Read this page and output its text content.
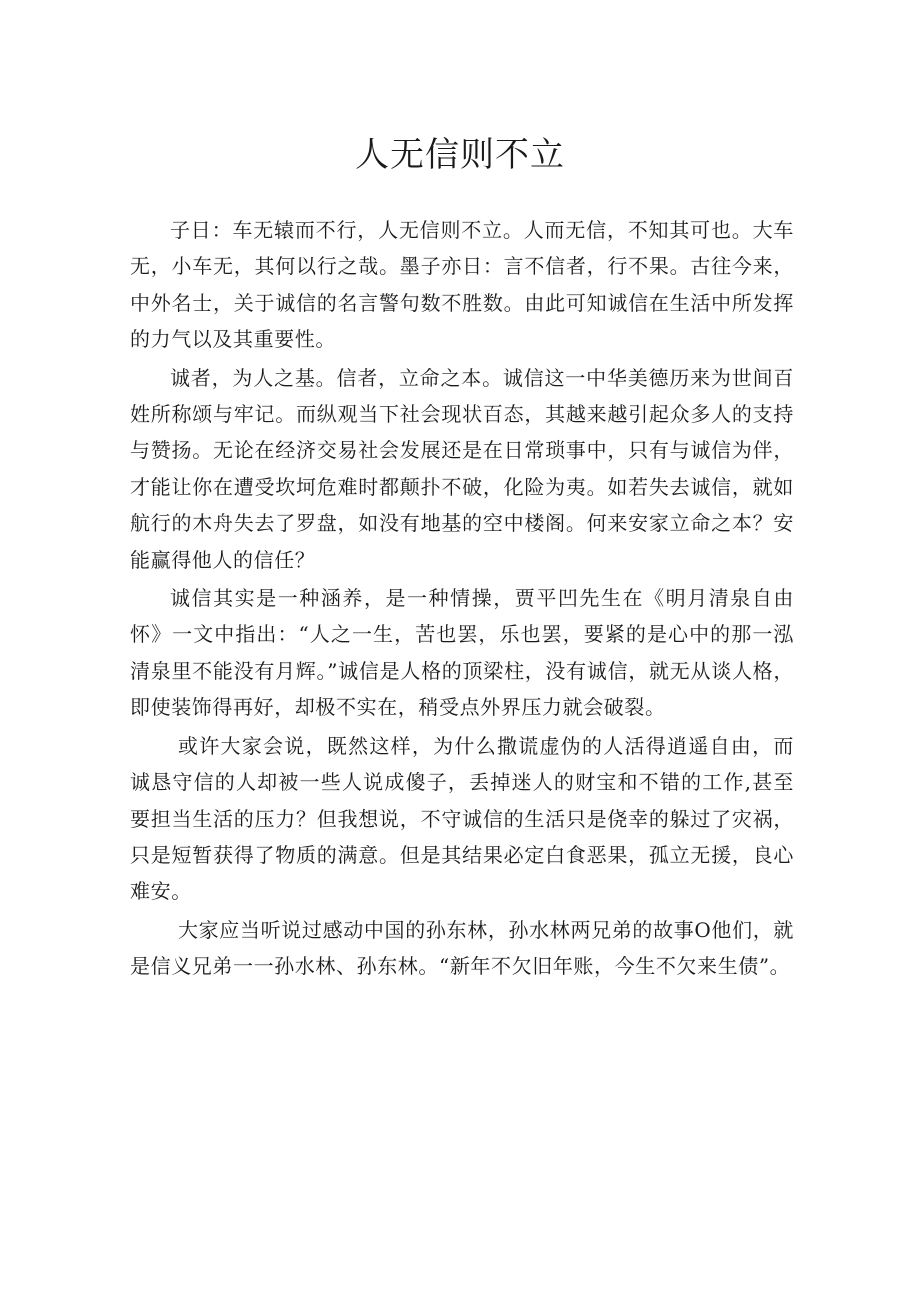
人无信则不立

子日：车无辕而不行，人无信则不立。人而无信，不知其可也。大车无，小车无，其何以行之哉。墨子亦日：言不信者，行不果。古往今来，中外名士，关于诚信的名言警句数不胜数。由此可知诚信在生活中所发挥的力气以及其重要性。

诚者，为人之基。信者，立命之本。诚信这一中华美德历来为世间百姓所称颂与牢记。而纵观当下社会现状百态，其越来越引起众多人的支持与赞扬。无论在经济交易社会发展还是在日常琐事中，只有与诚信为伴，才能让你在遭受坎坷危难时都颠扑不破，化险为夷。如若失去诚信，就如航行的木舟失去了罗盘，如没有地基的空中楼阁。何来安家立命之本？安能赢得他人的信任？

诚信其实是一种涵养，是一种情操，贾平凹先生在《明月清泉自由怀》一文中指出：“人之一生，苦也罢，乐也罢，要紧的是心中的那一泓清泉里不能没有月辉。”诚信是人格的顶梁柱，没有诚信，就无从谈人格，即使装饰得再好，却极不实在，稍受点外界压力就会破裂。

或许大家会说，既然这样，为什么撒谎虚伪的人活得逍遥自由，而诚恳守信的人却被一些人说成傻子，丢掉迷人的财宝和不错的工作,甚至要担当生活的压力？但我想说，不守诚信的生活只是侥幸的躲过了灾祸，只是短暂获得了物质的满意。但是其结果必定白食恶果，孤立无援，良心难安。

大家应当听说过感动中国的孙东林，孙水林两兄弟的故事O他们，就是信义兄弟一一孙水林、孙东林。“新年不欠旧年账，今生不欠来生债”。
